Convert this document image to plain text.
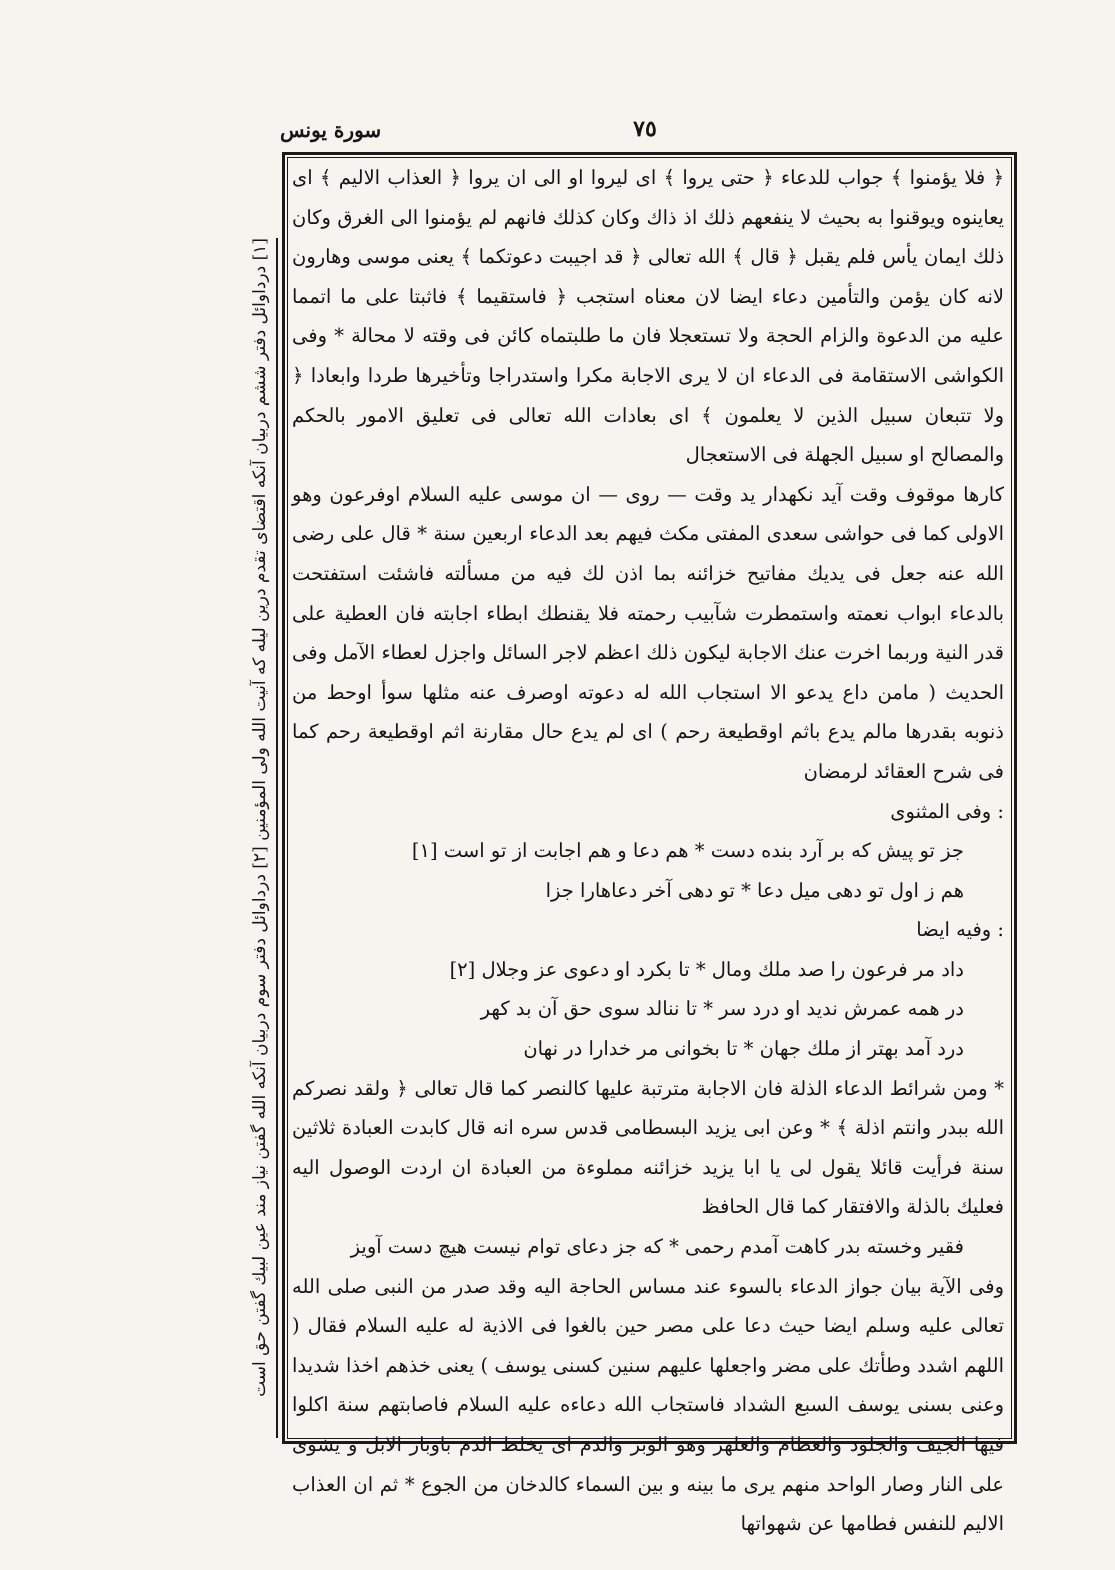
سورة يونس	٧٥
[١] درداوائل دفتر ششم دربيان آنكه اقتضاى تقدم درين ليله كه آنيت الله ولى المؤمنين [٢] درداوائل دفتر سوم دربيان آنكه الله گفتن نياز مند عين لبيك گفتن حق است

﴿ فلا يؤمنوا ﴾ جواب للدعاء ﴿ حتى يروا ﴾ اى ليروا او الى ان يروا ﴿ العذاب الاليم ﴾ اى يعاينوه ويوقنوا به بحيث لا ينفعهم ذلك اذ ذاك وكان كذلك فانهم لم يؤمنوا الى الغرق وكان ذلك ايمان يأس فلم يقبل ﴿ قال ﴾ الله تعالى ﴿ قد اجيبت دعوتكما ﴾ يعنى موسى وهارون لانه كان يؤمن والتأمين دعاء ايضا لان معناه استجب ﴿ فاستقيما ﴾ فاثبتا على ما اتمما عليه من الدعوة والزام الحجة ولا تستعجلا فان ما طلبتماه كائن فى وقته لا محالة * وفى الكواشى الاستقامة فى الدعاء ان لا يرى الاجابة مكرا واستدراجا وتأخيرها طردا وابعادا ﴿ ولا تتبعان سبيل الذين لا يعلمون ﴾ اى بعادات الله تعالى فى تعليق الامور بالحكم والمصالح او سبيل الجهلة فى الاستعجال

كارها موقوف وقت آيد نكهدار يد وقت — روى — ان موسى عليه السلام اوفرعون وهو الاولى كما فى حواشى سعدى المفتى مكث فيهم بعد الدعاء اربعين سنة * قال على رضى الله عنه جعل فى يديك مفاتيح خزائنه بما اذن لك فيه من مسألته فاشئت استفتحت بالدعاء ابواب نعمته واستمطرت شآبيب رحمته فلا يقنطك ابطاء اجابته فان العطية على قدر النية وربما اخرت عنك الاجابة ليكون ذلك اعظم لاجر السائل واجزل لعطاء الآمل وفى الحديث ( مامن داع يدعو الا استجاب الله له دعوته اوصرف عنه مثلها سوأ اوحط من ذنوبه بقدرها مالم يدع باثم اوقطيعة رحم ) اى لم يدع حال مقارنة اثم اوقطيعة رحم كما فى شرح العقائد لرمضان

: وفى المثنوى
جز تو پيش كه بر آرد بنده دست * هم دعا و هم اجابت از تو است [١]
هم ز اول تو دهى ميل دعا * تو دهى آخر دعاهارا جزا
: وفيه ايضا
داد مر فرعون را صد ملك ومال * تا بكرد او دعوى عز وجلال [٢]
در همه عمرش نديد او درد سر * تا ننالد سوى حق آن بد كهر
درد آمد بهتر از ملك جهان * تا بخوانى مر خدارا در نهان

* ومن شرائط الدعاء الذلة فان الاجابة مترتبة عليها كالنصر كما قال تعالى ﴿ ولقد نصركم الله ببدر وانتم اذلة ﴾ * وعن ابى يزيد البسطامى قدس سره انه قال كابدت العبادة ثلاثين سنة فرأيت قائلا يقول لى يا ابا يزيد خزائنه مملوءة من العبادة ان اردت الوصول اليه فعليك بالذلة والافتقار كما قال الحافظ

فقير وخسته بدر كاهت آمدم رحمى * كه جز دعاى توام نيست هيچ دست آويز

وفى الآية بيان جواز الدعاء بالسوء عند مساس الحاجة اليه وقد صدر من النبى صلى الله تعالى عليه وسلم ايضا حيث دعا على مصر حين بالغوا فى الاذية له عليه السلام فقال ( اللهم اشدد وطأتك على مضر واجعلها عليهم سنين كسنى يوسف ) يعنى خذهم اخذا شديدا وعنى بسنى يوسف السبع الشداد فاستجاب الله دعاءه عليه السلام فاصابتهم سنة اكلوا فيها الجيف والجلود والعظام والعلهز وهو الوبر والدم اى يخلط الدم باوبار الابل و يشوى على النار وصار الواحد منهم يرى ما بينه و بين السماء كالدخان من الجوع * ثم ان العذاب الاليم للنفس فطامها عن شهواتها
